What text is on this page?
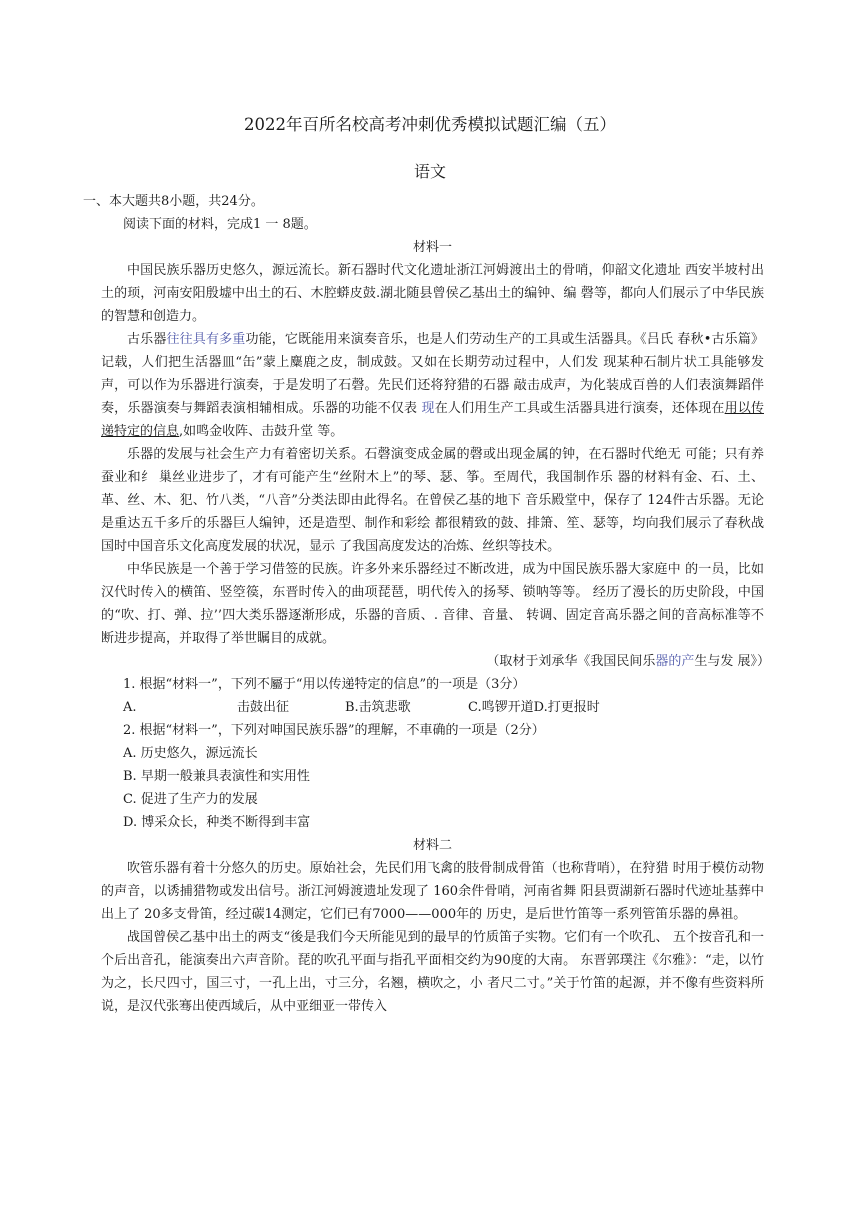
2022年百所名校高考冲刺优秀模拟试题汇编（五）
语文
一、本大题共8小题，共24分。
阅读下面的材料，完成1 一 8题。
材料一

中国民族乐器历史悠久，源远流长。新石器时代文化遗址浙江河姆渡出土的骨哨，仰韶文化遗址 西安半坡村出土的顼，河南安阳殷墟中出土的石、木腔蟒皮鼓.湖北随县曾侯乙基出土的编钟、编 磬等，都向人们展示了中华民族的智慧和创造力。

古乐器往往具有多重功能，它既能用来演奏音乐，也是人们劳动生产的工具或生活器具。《吕氏 春秋•古乐篇》记载，人们把生活器皿“缶”蒙上麋鹿之皮，制成鼓。又如在长期劳动过程中，人们发 现某种石制片状工具能够发声，可以作为乐器进行演奏，于是发明了石磬。先民们还将狩猎的石器 敲击成声，为化装成百兽的人们表演舞蹈伴奏，乐器演奏与舞蹈表演相辅相成。乐器的功能不仅表 现在人们用生产工具或生活器具进行演奏，还体现在用以传递特定的信息,如鸣金收阵、击鼓升堂 等。

乐器的发展与社会生产力有着密切关系。石磬演变成金属的磬或出现金属的钟，在石器时代绝无 可能；只有养蚕业和纟 巢丝业进步了，才有可能产生“丝附木上”的琴、瑟、筝。至周代，我国制作乐 器的材料有金、石、土、革、丝、木、犯、竹八类，“八音”分类法即由此得名。在曾侯乙基的地下 音乐殿堂中，保存了 124件古乐器。无论是重达五千多斤的乐器巨人编钟，还是造型、制作和彩绘 都很精致的鼓、排箫、笙、瑟等，均向我们展示了春秋战国时中国音乐文化高度发展的状况，显示 了我国高度发达的冶炼、丝织等技术。

中华民族是一个善于学习借签的民族。许多外来乐器经过不断改进，成为中国民族乐器大家庭中 的一员，比如汉代时传入的横笛、竖箜篌，东晋时传入的曲项琵琶，明代传入的扬琴、锁呐等等。 经历了漫长的历史阶段，中国的“吹、打、弹、拉’’四大类乐器逐渐形成，乐器的音质、. 音律、音量、 转调、固定音高乐器之间的音高标准等不断进步提高，并取得了举世瞩目的成就。

（取材于刘承华《我国民间乐器的产生与发 展》）
1. 根据“材料一”，下列不屬于“用以传递特定的信息”的一项是（3分）
A.	击鼓出征	B.击筑悲歌	C.鸣锣开道D.打更报时
2. 根据“材料一”，下列对呻国民族乐器”的理解，不車确的一项是（2分）
A. 历史悠久，源远流长
B. 早期一般兼具表演性和实用性
C. 促进了生产力的发展
D. 博采众长，种类不断得到丰富
材料二

吹管乐器有着十分悠久的历史。原始社会，先民们用飞禽的肢骨制成骨笛（也称背哨），在狩猎 时用于模仿动物的声音，以诱捕猎物或发出信号。浙江河姆渡遗址发现了 160余件骨哨，河南省舞 阳县贾湖新石器时代迹址基葬中出上了 20多支骨笛，经过碳14测定，它们已有7000——000年的 历史，是后世竹笛等一系列管笛乐器的鼻祖。

战国曾侯乙基中出土的两支“後是我们今天所能见到的最早的竹质笛子实物。它们有一个吹孔、 五个按音孔和一个后出音孔，能演奏出六声音阶。琵的吹孔平面与指孔平面相交约为90度的大南。 东晋郭璞注《尔雅》：“走，以竹为之，长尺四寸，国三寸，一孔上出，寸三分，名翘，横吹之，小 者尺二寸。”关于竹笛的起源，并不像有些资料所说，是汉代张骞出使西域后，从中亚细亚一带传入
